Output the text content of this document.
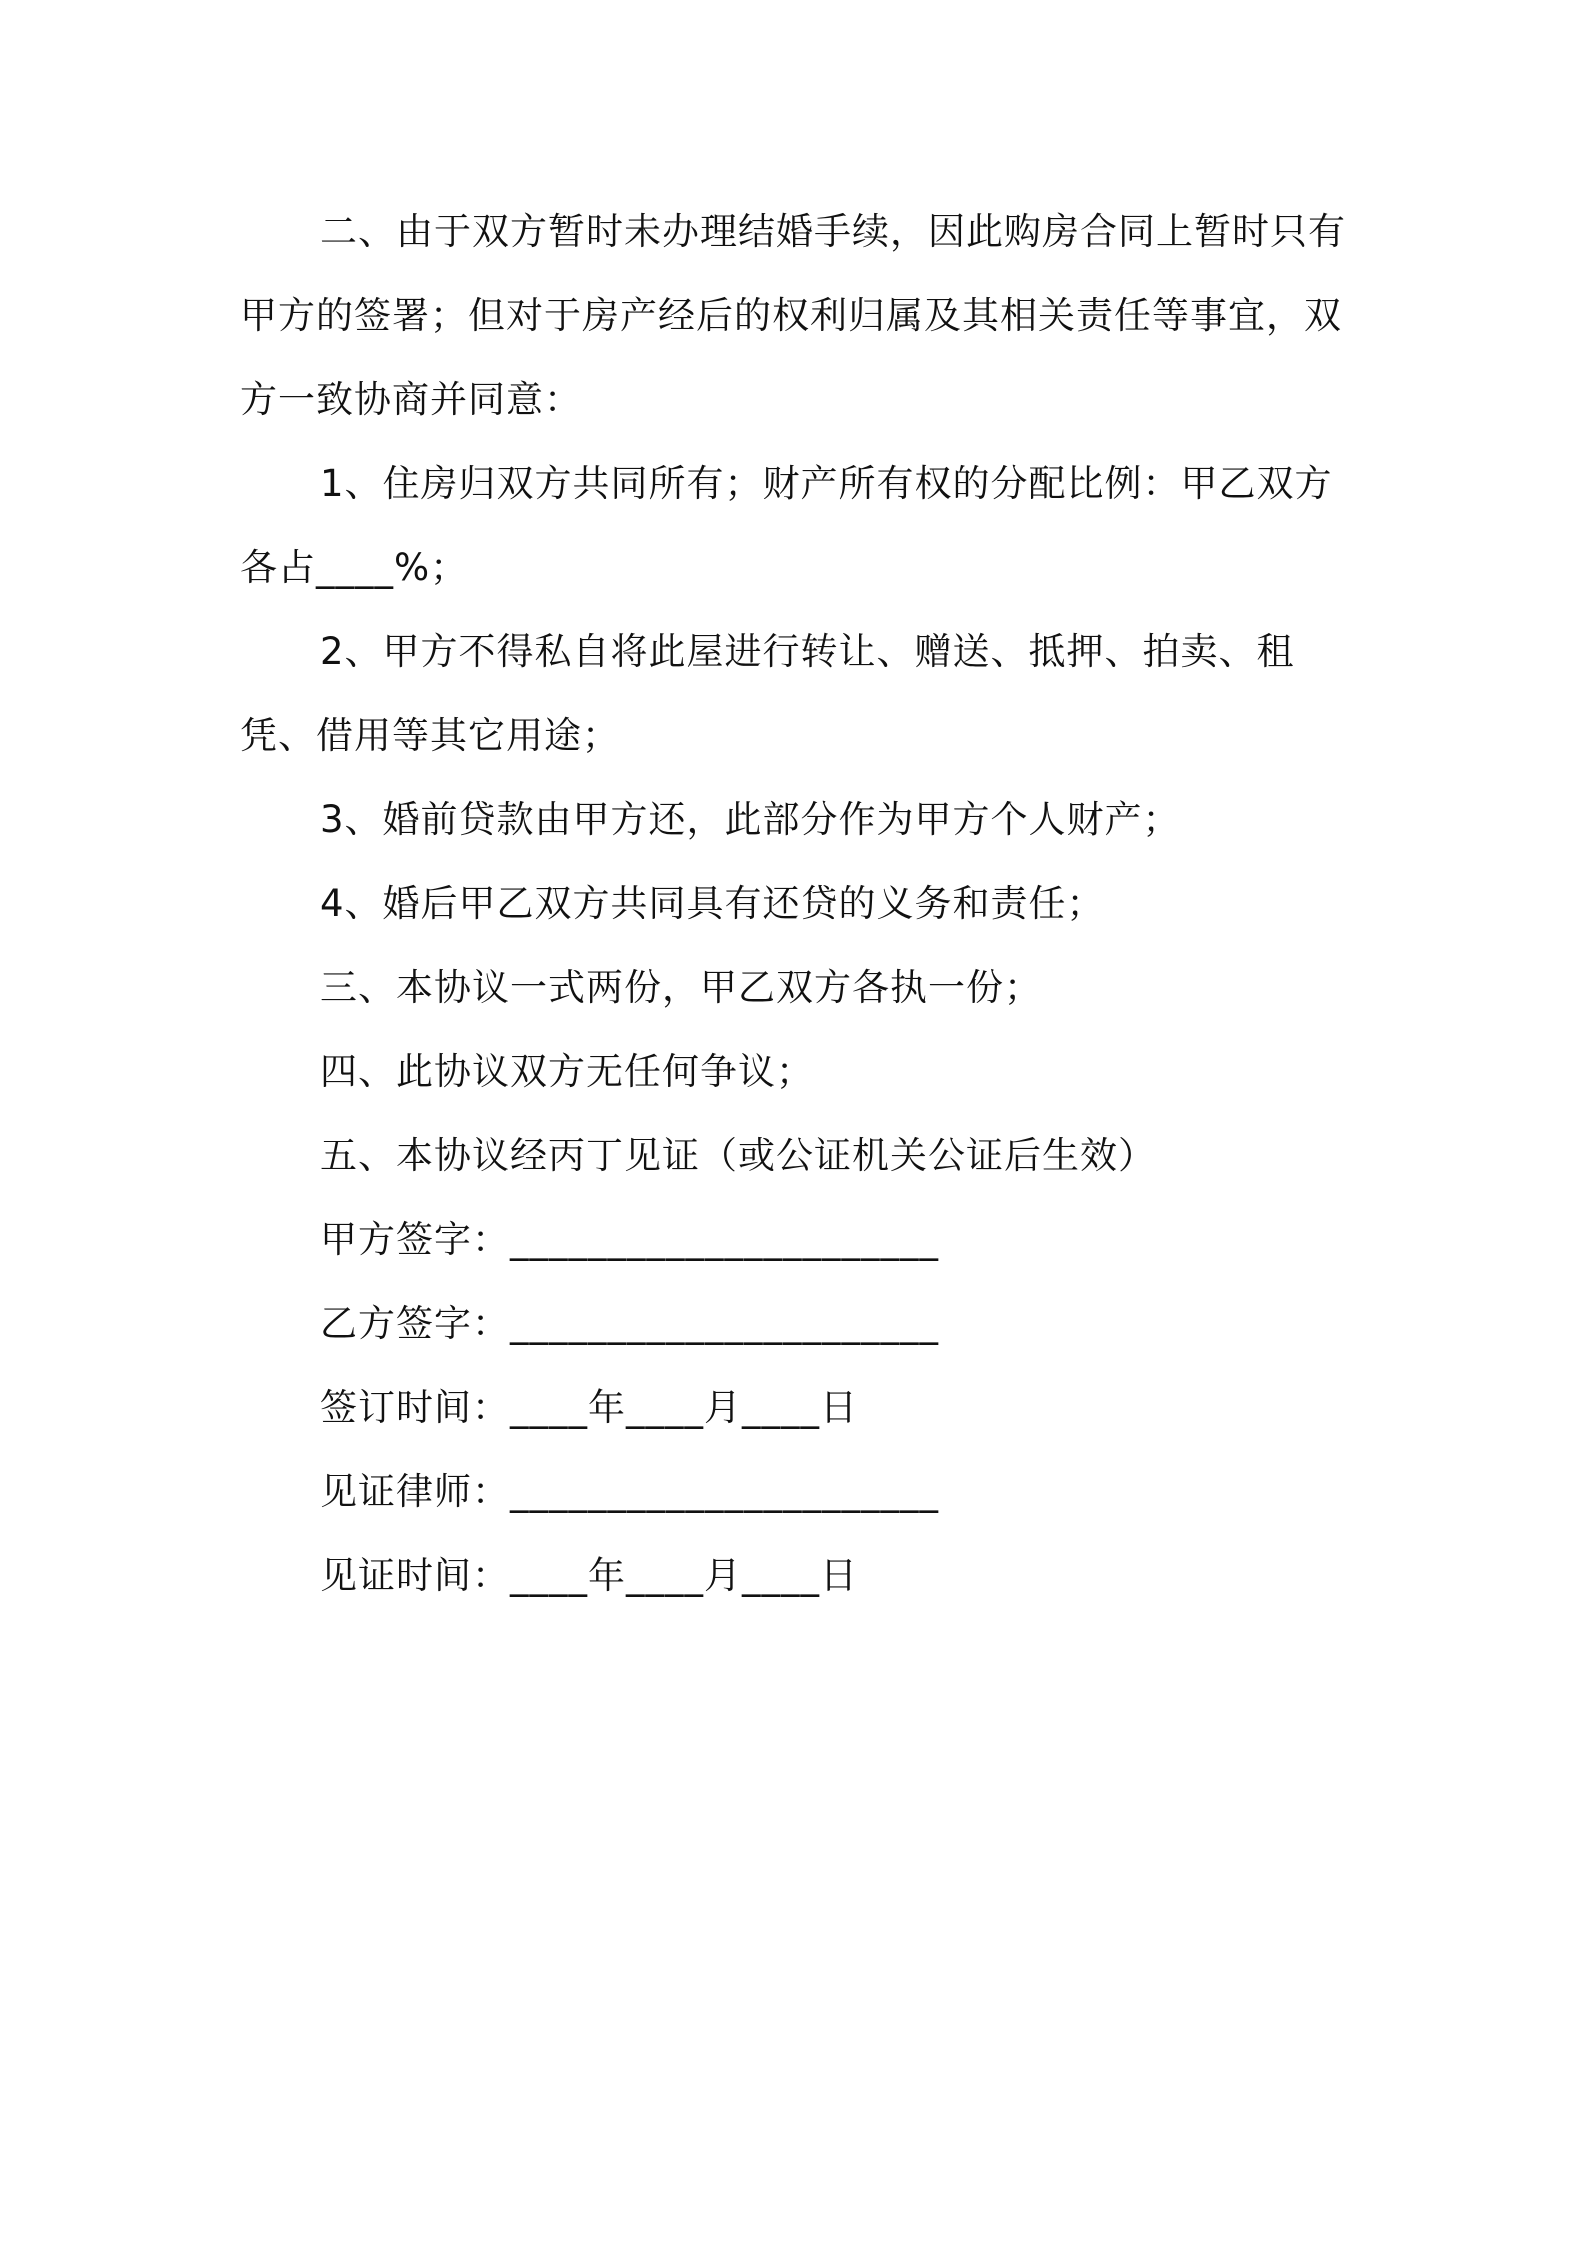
二、由于双方暂时未办理结婚手续，因此购房合同上暂时只有甲方的签署；但对于房产经后的权利归属及其相关责任等事宜，双方一致协商并同意：

1、住房归双方共同所有；财产所有权的分配比例：甲乙双方各占____%；

2、甲方不得私自将此屋进行转让、赠送、抵押、拍卖、租凭、借用等其它用途；

3、婚前贷款由甲方还，此部分作为甲方个人财产；

4、婚后甲乙双方共同具有还贷的义务和责任；

三、本协议一式两份，甲乙双方各执一份；

四、此协议双方无任何争议；

五、本协议经丙丁见证（或公证机关公证后生效）

甲方签字：______________________

乙方签字：______________________

签订时间：____年____月____日

见证律师：______________________

见证时间：____年____月____日
